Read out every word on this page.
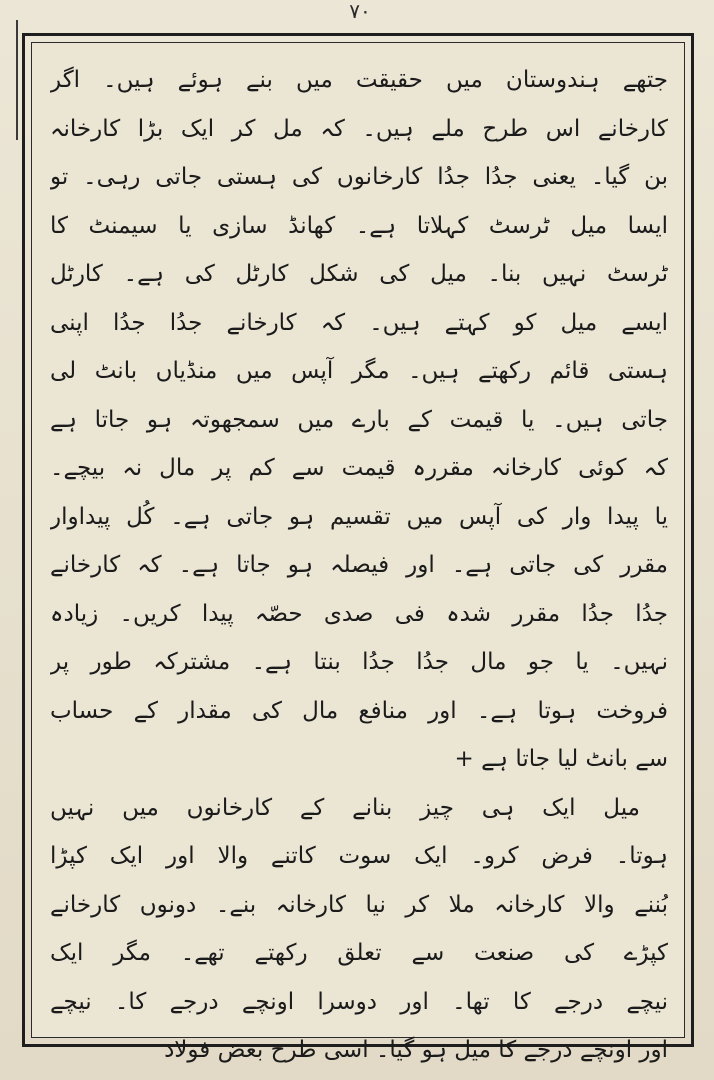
۷۰
جتھے ہندوستان میں حقیقت میں بنے ہوئے ہیں۔ اگر
کارخانے اس طرح ملے ہیں۔ کہ مل کر ایک بڑا کارخانہ
بن گیا۔ یعنی جدُا جدُا کارخانوں کی ہستی جاتی رہی۔ تو
ایسا میل ٹرسٹ کہلاتا ہے۔ کھانڈ سازی یا سیمنٹ کا
ٹرسٹ نہیں بنا۔ میل کی شکل کارٹل کی ہے۔ کارٹل
ایسے میل کو کہتے ہیں۔ کہ کارخانے جدُا جدُا اپنی
ہستی قائم رکھتے ہیں۔ مگر آپس میں منڈیاں بانٹ لی
جاتی ہیں۔ یا قیمت کے بارے میں سمجھوتہ ہو جاتا ہے
کہ کوئی کارخانہ مقررہ قیمت سے کم پر مال نہ بیچے۔
یا پیدا وار کی آپس میں تقسیم ہو جاتی ہے۔ کُل پیداوار
مقرر کی جاتی ہے۔ اور فیصلہ ہو جاتا ہے۔ کہ کارخانے
جدُا جدُا مقرر شدہ فی صدی حصّہ پیدا کریں۔ زیادہ
نہیں۔ یا جو مال جدُا جدُا بنتا ہے۔ مشترکہ طور پر
فروخت ہوتا ہے۔ اور منافع مال کی مقدار کے حساب
سے بانٹ لیا جاتا ہے +
میل ایک ہی چیز بنانے کے کارخانوں میں نہیں
ہوتا۔ فرض کرو۔ ایک سوت کاتنے والا اور ایک کپڑا
بُننے والا کارخانہ ملا کر نیا کارخانہ بنے۔ دونوں کارخانے
کپڑے کی صنعت سے تعلق رکھتے تھے۔ مگر ایک
نیچے درجے کا تھا۔ اور دوسرا اونچے درجے کا۔ نیچے
اور اونچے درجے کا میل ہو گیا۔ اسی طرح بعض فولاد
